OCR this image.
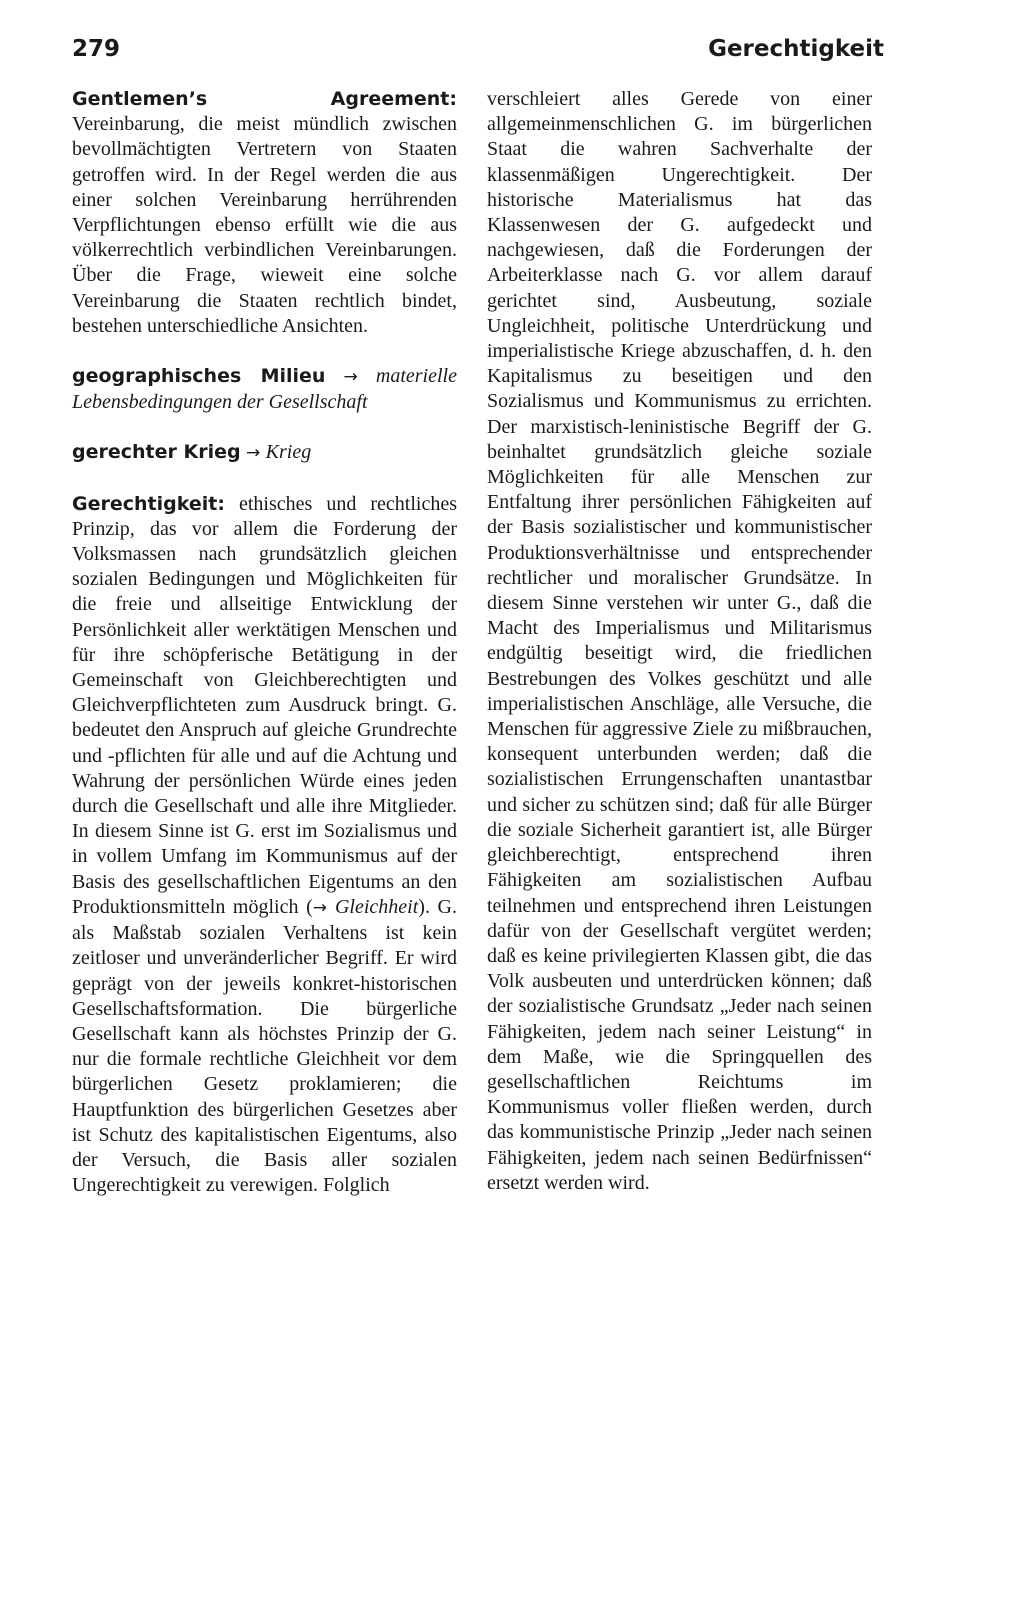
279	Gerechtigkeit

Gentlemen’s Agreement: Vereinbarung, die meist mündlich zwischen bevollmächtigten Vertretern von Staaten getroffen wird. In der Regel werden die aus einer solchen Vereinbarung herrührenden Verpflichtungen ebenso erfüllt wie die aus völkerrechtlich verbindlichen Vereinbarungen. Über die Frage, wieweit eine solche Vereinbarung die Staaten rechtlich bindet, bestehen unterschiedliche Ansichten.

geographisches Milieu → materielle Lebensbedingungen der Gesellschaft

gerechter Krieg → Krieg

Gerechtigkeit: ethisches und rechtliches Prinzip, das vor allem die Forderung der Volksmassen nach grundsätzlich gleichen sozialen Bedingungen und Möglichkeiten für die freie und allseitige Entwicklung der Persönlichkeit aller werktätigen Menschen und für ihre schöpferische Betätigung in der Gemeinschaft von Gleichberechtigten und Gleichverpflichteten zum Ausdruck bringt. G. bedeutet den Anspruch auf gleiche Grundrechte und -pflichten für alle und auf die Achtung und Wahrung der persönlichen Würde eines jeden durch die Gesellschaft und alle ihre Mitglieder. In diesem Sinne ist G. erst im Sozialismus und in vollem Umfang im Kommunismus auf der Basis des gesellschaftlichen Eigentums an den Produktionsmitteln möglich (→ Gleichheit). G. als Maßstab sozialen Verhaltens ist kein zeitloser und unveränderlicher Begriff. Er wird geprägt von der jeweils konkret-historischen Gesellschaftsformation. Die bürgerliche Gesellschaft kann als höchstes Prinzip der G. nur die formale rechtliche Gleichheit vor dem bürgerlichen Gesetz proklamieren; die Hauptfunktion des bürgerlichen Gesetzes aber ist Schutz des kapitalistischen Eigentums, also der Versuch, die Basis aller sozialen Ungerechtigkeit zu verewigen. Folglich

verschleiert alles Gerede von einer allgemeinmenschlichen G. im bürgerlichen Staat die wahren Sachverhalte der klassenmäßigen Ungerechtigkeit. Der historische Materialismus hat das Klassenwesen der G. aufgedeckt und nachgewiesen, daß die Forderungen der Arbeiterklasse nach G. vor allem darauf gerichtet sind, Ausbeutung, soziale Ungleichheit, politische Unterdrückung und imperialistische Kriege abzuschaffen, d. h. den Kapitalismus zu beseitigen und den Sozialismus und Kommunismus zu errichten. Der marxistisch-leninistische Begriff der G. beinhaltet grundsätzlich gleiche soziale Möglichkeiten für alle Menschen zur Entfaltung ihrer persönlichen Fähigkeiten auf der Basis sozialistischer und kommunistischer Produktionsverhältnisse und entsprechender rechtlicher und moralischer Grundsätze. In diesem Sinne verstehen wir unter G., daß die Macht des Imperialismus und Militarismus endgültig beseitigt wird, die friedlichen Bestrebungen des Volkes geschützt und alle imperialistischen Anschläge, alle Versuche, die Menschen für aggressive Ziele zu mißbrauchen, konsequent unterbunden werden; daß die sozialistischen Errungenschaften unantastbar und sicher zu schützen sind; daß für alle Bürger die soziale Sicherheit garantiert ist, alle Bürger gleichberechtigt, entsprechend ihren Fähigkeiten am sozialistischen Aufbau teilnehmen und entsprechend ihren Leistungen dafür von der Gesellschaft vergütet werden; daß es keine privilegierten Klassen gibt, die das Volk ausbeuten und unterdrücken können; daß der sozialistische Grundsatz „Jeder nach seinen Fähigkeiten, jedem nach seiner Leistung“ in dem Maße, wie die Springquellen des gesellschaftlichen Reichtums im Kommunismus voller fließen werden, durch das kommunistische Prinzip „Jeder nach seinen Fähigkeiten, jedem nach seinen Bedürfnissen“ ersetzt werden wird.
